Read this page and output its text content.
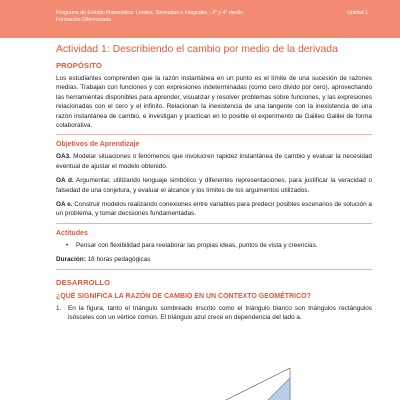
Programa de Estudio Matemática: Límites, Derivadas e Integrales - 3° y 4° medio
Formación Diferenciada
Unidad 1
Actividad 1: Describiendo el cambio por medio de la derivada
PROPÓSITO

Los estudiantes comprenden que la razón instantánea en un punto es el límite de una sucesión de razones medias. Trabajan con funciones y con expresiones indeterminadas (como cero divido por cero), aprovechando las herramientas disponibles para aprender, visualizar y resolver problemas sobre funciones, y las expresiones relacionadas con el cero y el infinito. Relacionan la inexistencia de una tangente con la inexistencia de una razón instantánea de cambio, e investigan y practican en lo posible el experimento de Galileo Galilei de forma colaborativa.

Objetivos de Aprendizaje

OA3. Modelar situaciones o fenómenos que involucren rapidez instantánea de cambio y evaluar la necesidad eventual de ajustar el modelo obtenido.

OA d. Argumentar, utilizando lenguaje simbólico y diferentes representaciones, para justificar la veracidad o falsedad de una conjetura, y evaluar el alcance y los límites de los argumentos utilizados.

OA e. Construir modelos realizando conexiones entre variables para predecir posibles escenarios de solución a un problema, y tomar decisiones fundamentadas.

Actitudes
•	Pensar con flexibilidad para reelaborar las propias ideas, puntos de vista y creencias.

Duración: 18 horas pedagógicas

DESARROLLO
¿QUÉ SIGNIFICA LA RAZÓN DE CAMBIO EN UN CONTEXTO GEOMÉTRICO?
1.	En la figura, tanto el triángulo sombreado inscrito como el triángulo blanco son triángulos rectángulos isósceles con un vértice común. El triángulo azul crece en dependencia del lado a.
